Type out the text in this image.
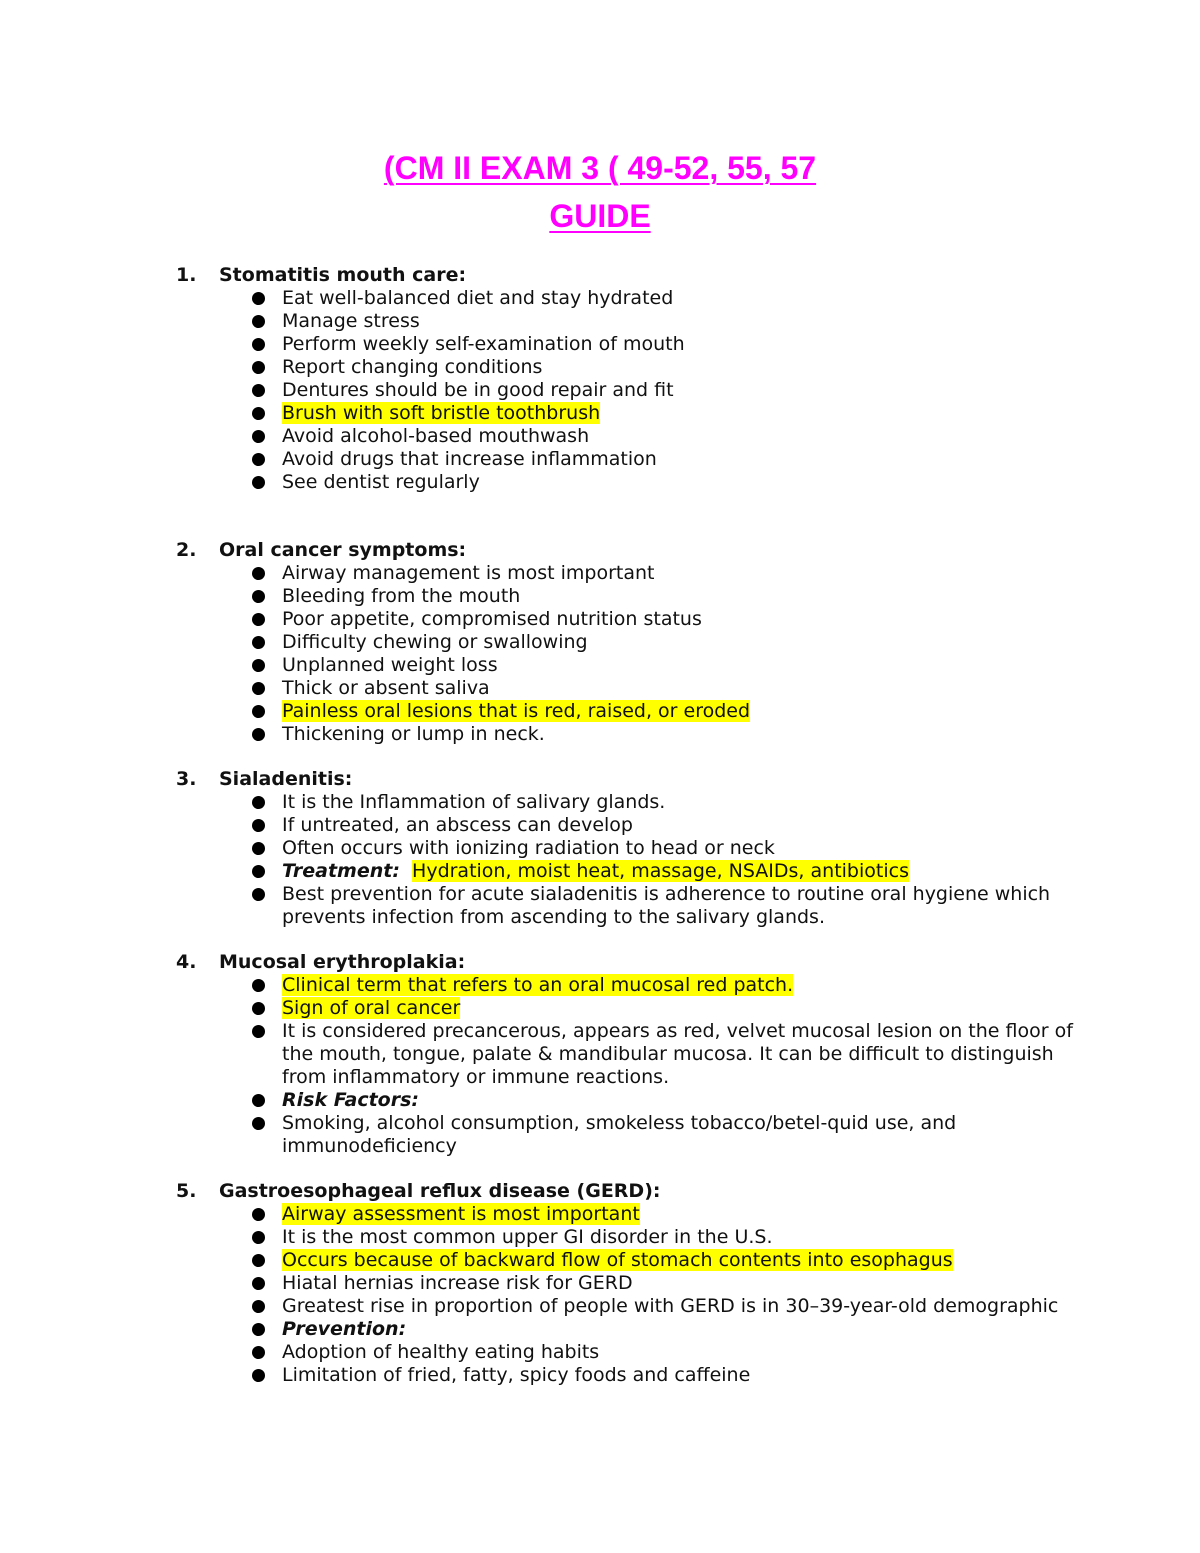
(CM II EXAM 3 ( 49-52, 55, 57
GUIDE
1. Stomatitis mouth care:
Eat well-balanced diet and stay hydrated
Manage stress
Perform weekly self-examination of mouth
Report changing conditions
Dentures should be in good repair and fit
Brush with soft bristle toothbrush
Avoid alcohol-based mouthwash
Avoid drugs that increase inflammation
See dentist regularly
2. Oral cancer symptoms:
Airway management is most important
Bleeding from the mouth
Poor appetite, compromised nutrition status
Difficulty chewing or swallowing
Unplanned weight loss
Thick or absent saliva
Painless oral lesions that is red, raised, or eroded
Thickening or lump in neck.
3. Sialadenitis:
It is the Inflammation of salivary glands.
If untreated, an abscess can develop
Often occurs with ionizing radiation to head or neck
Treatment: Hydration, moist heat, massage, NSAIDs, antibiotics
Best prevention for acute sialadenitis is adherence to routine oral hygiene which prevents infection from ascending to the salivary glands.
4. Mucosal erythroplakia:
Clinical term that refers to an oral mucosal red patch.
Sign of oral cancer
It is considered precancerous, appears as red, velvet mucosal lesion on the floor of the mouth, tongue, palate & mandibular mucosa. It can be difficult to distinguish from inflammatory or immune reactions.
Risk Factors:
Smoking, alcohol consumption, smokeless tobacco/betel-quid use, and immunodeficiency
5. Gastroesophageal reflux disease (GERD):
Airway assessment is most important
It is the most common upper GI disorder in the U.S.
Occurs because of backward flow of stomach contents into esophagus
Hiatal hernias increase risk for GERD
Greatest rise in proportion of people with GERD is in 30–39-year-old demographic
Prevention:
Adoption of healthy eating habits
Limitation of fried, fatty, spicy foods and caffeine
